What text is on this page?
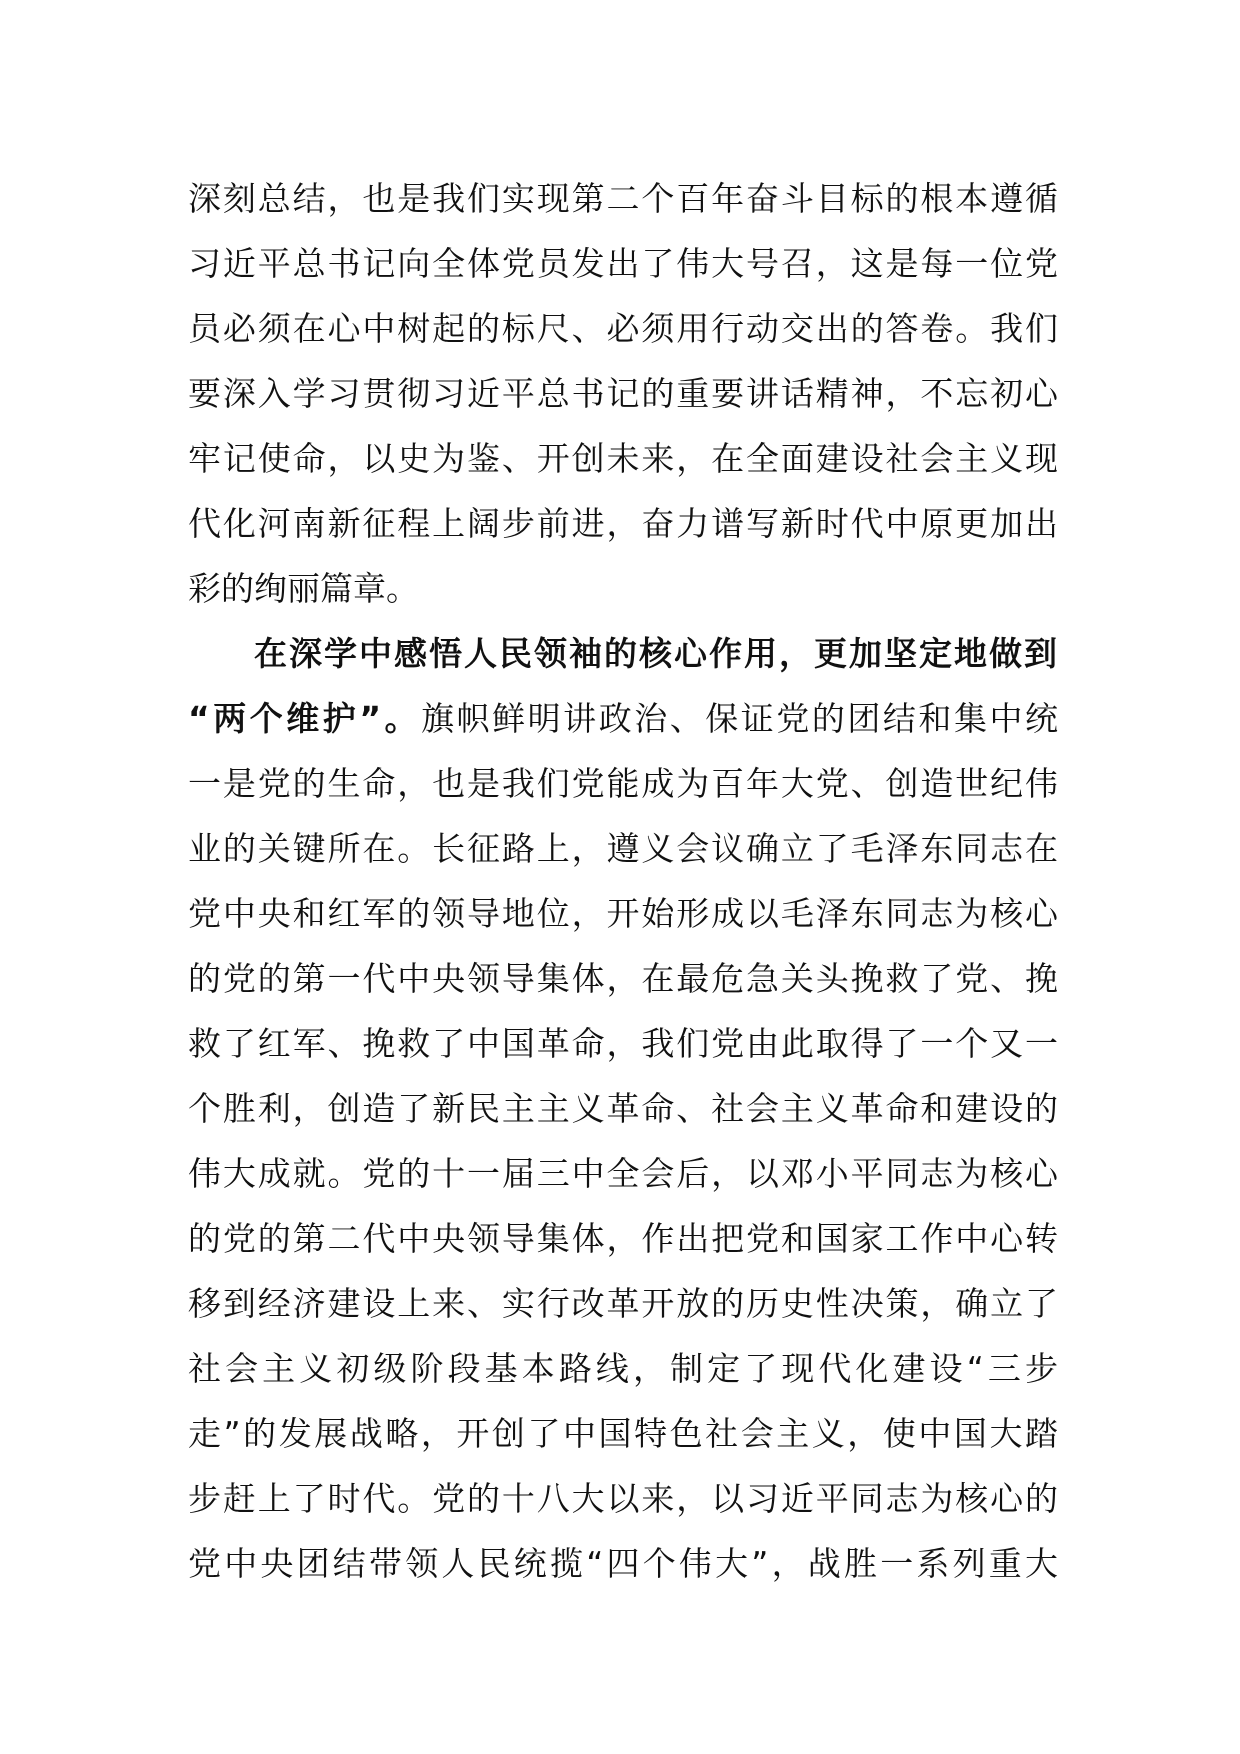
深刻总结，也是我们实现第二个百年奋斗目标的根本遵循
习近平总书记向全体党员发出了伟大号召，这是每一位党
员必须在心中树起的标尺、必须用行动交出的答卷。我们
要深入学习贯彻习近平总书记的重要讲话精神，不忘初心
牢记使命，以史为鉴、开创未来，在全面建设社会主义现
代化河南新征程上阔步前进，奋力谱写新时代中原更加出
彩的绚丽篇章。
在深学中感悟人民领袖的核心作用，更加坚定地做到
“两个维护”。旗帜鲜明讲政治、保证党的团结和集中统
一是党的生命，也是我们党能成为百年大党、创造世纪伟
业的关键所在。长征路上，遵义会议确立了毛泽东同志在
党中央和红军的领导地位，开始形成以毛泽东同志为核心
的党的第一代中央领导集体，在最危急关头挽救了党、挽
救了红军、挽救了中国革命，我们党由此取得了一个又一
个胜利，创造了新民主主义革命、社会主义革命和建设的
伟大成就。党的十一届三中全会后，以邓小平同志为核心
的党的第二代中央领导集体，作出把党和国家工作中心转
移到经济建设上来、实行改革开放的历史性决策，确立了
社会主义初级阶段基本路线，制定了现代化建设“三步
走”的发展战略，开创了中国特色社会主义，使中国大踏
步赶上了时代。党的十八大以来，以习近平同志为核心的
党中央团结带领人民统揽“四个伟大”，战胜一系列重大
